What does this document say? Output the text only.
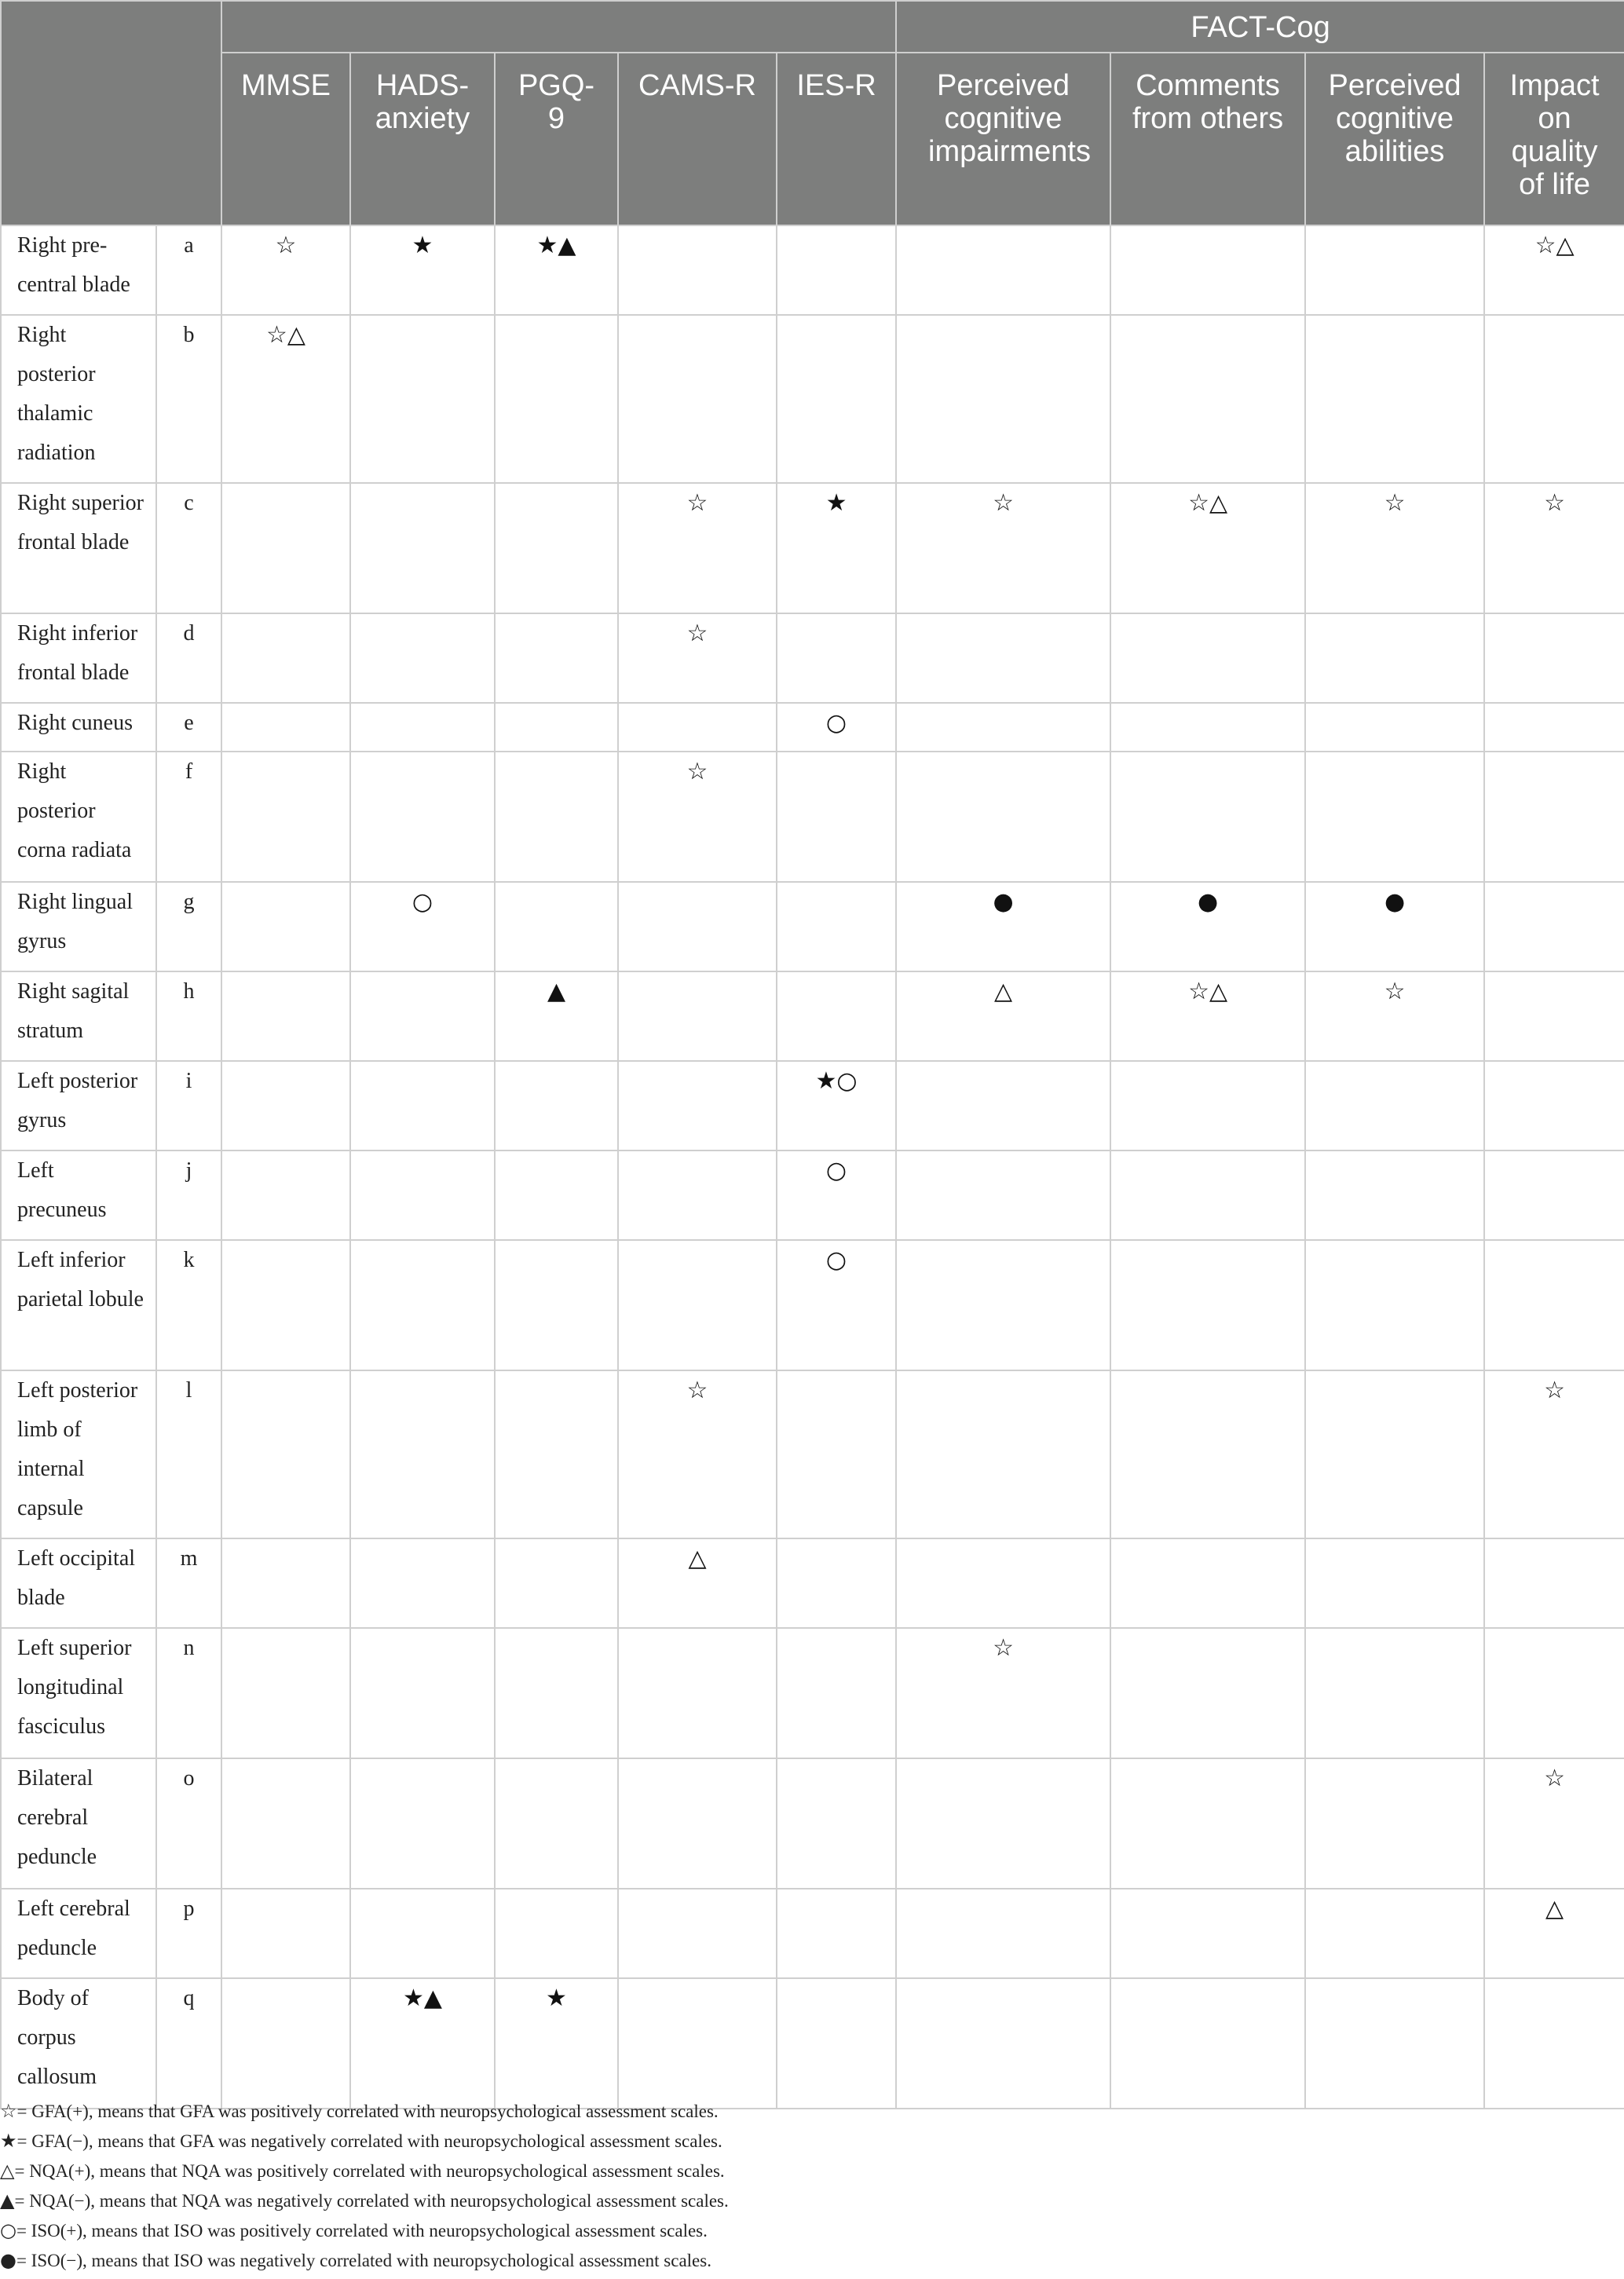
							FACT-Cog			
		MMSE	HADS-anxiety	PGQ-9	CAMS-R	IES-R	Perceived cognitive impairments	Comments from others	Perceived cognitive abilities	Impact on quality of life
Right pre-central blade	a	☆	★	★▲						☆△
Right posterior thalamic radiation	b	☆△								
Right superior frontal blade	c				☆	★	☆	☆△	☆	☆
Right inferior frontal blade	d				☆					
Right cuneus	e					○				
Right posterior corna radiata	f				☆					
Right lingual gyrus	g		○				●	●	●	
Right sagital stratum	h			▲			△	☆△	☆	
Left posterior gyrus	i					★○				
Left precuneus	j					○				
Left inferior parietal lobule	k					○				
Left posterior limb of internal capsule	l				☆					☆
Left occipital blade	m				△					
Left superior longitudinal fasciculus	n						☆			
Bilateral cerebral peduncle	o									☆
Left cerebral peduncle	p									△
Body of corpus callosum	q		★▲	★						
☆= GFA(+), means that GFA was positively correlated with neuropsychological assessment scales.
★= GFA(−), means that GFA was negatively correlated with neuropsychological assessment scales.
△= NQA(+), means that NQA was positively correlated with neuropsychological assessment scales.
▲= NQA(−), means that NQA was negatively correlated with neuropsychological assessment scales.
○= ISO(+), means that ISO was positively correlated with neuropsychological assessment scales.
●= ISO(−), means that ISO was negatively correlated with neuropsychological assessment scales.
